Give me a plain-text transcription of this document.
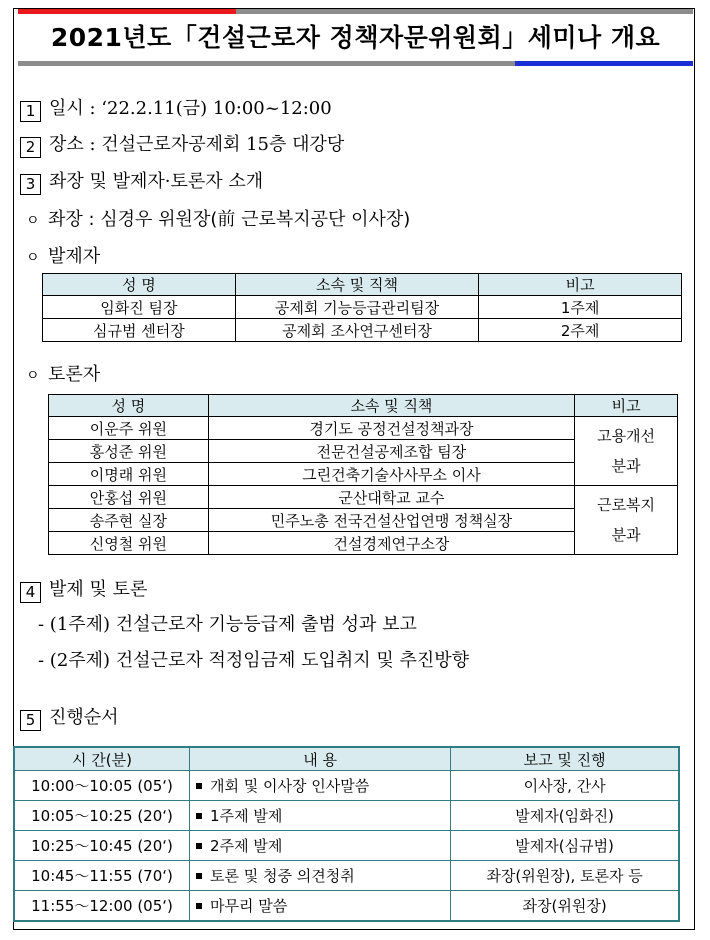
2021년도「건설근로자 정책자문위원회」세미나 개요
1 일시 : ‘22.2.11(금) 10:00~12:00
2 장소 : 건설근로자공제회 15층 대강당
3 좌장 및 발제자·토론자 소개
ㅇ 좌장 : 심경우 위원장(前 근로복지공단 이사장)
ㅇ 발제자
성 명	소속 및 직책	비고
임화진 팀장	공제회 기능등급관리팀장	1주제
심규범 센터장	공제회 조사연구센터장	2주제
ㅇ 토론자
성 명	소속 및 직책	비고
이운주 위원	경기도 공정건설정책과장	고용개선
분과
홍성준 위원	전문건설공제조합 팀장	
이명래 위원	그린건축기술사사무소 이사	
안홍섭 위원	군산대학교 교수	근로복지
분과
송주현 실장	민주노총 전국건설산업연맹 정책실장	
신영철 위원	건설경제연구소장	
4 발제 및 토론
- (1주제) 건설근로자 기능등급제 출범 성과 보고
- (2주제) 건설근로자 적정임금제 도입취지 및 추진방향
5 진행순서
시 간(분)	내 용	보고 및 진행
10:00～10:05 (05‘)	개회 및 이사장 인사말씀	이사장, 간사
10:05～10:25 (20‘)	1주제 발제	발제자(임화진)
10:25～10:45 (20‘)	2주제 발제	발제자(심규범)
10:45～11:55 (70‘)	토론 및 청중 의견청취	좌장(위원장), 토론자 등
11:55～12:00 (05‘)	마무리 말씀	좌장(위원장)
